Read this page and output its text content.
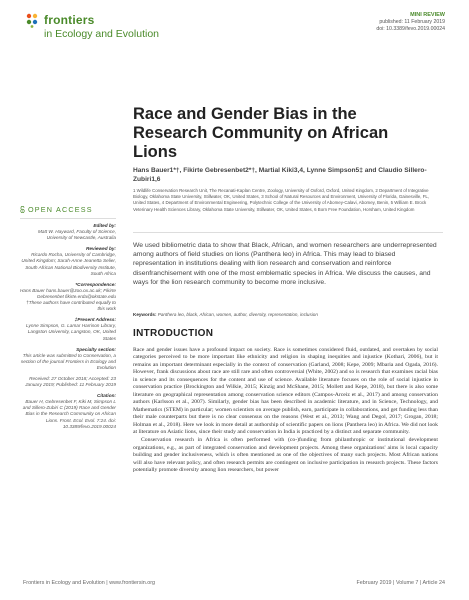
frontiers
in Ecology and Evolution
MINI REVIEW
published: 11 February 2019
doi: 10.3389/fevo.2019.00024
Race and Gender Bias in the Research Community on African Lions
Hans Bauer1*†, Fikirte Gebresenbet2*†, Martial Kiki3,4, Lynne Simpson5‡ and Claudio Sillero-Zubiri1,6
1 Wildlife Conservation Research Unit, The Recanati-Kaplan Centre, Zoology, University of Oxford, Oxford, United Kingdom, 2 Department of Integrative Biology, Oklahoma State University, Stillwater, OK, United States, 3 School of Natural Resources and Environment, University of Florida, Gainesville, FL, United States, 4 Department of Environmental Engineering, Polytechnic College of the University of Abomey-Calavi, Abomey, Benin, 5 William E. Brock Veterinary Health Sciences Library, Oklahoma State University, Stillwater, OK, United States, 6 Born Free Foundation, Horsham, United Kingdom

We used bibliometric data to show that Black, African, and women researchers are underrepresented among authors of field studies on lions (Panthera leo) in Africa. This may lead to biased representation in institutions dealing with lion research and conservation and reinforce disenfranchisement with one of the most emblematic species in Africa. We discuss the causes, and ways for the lion research community to become more inclusive.

Keywords: Panthera leo, black, African, women, author, diversity, representation, inclusion
INTRODUCTION

Race and gender issues have a profound impact on society. Race is sometimes considered fluid, outdated, and overtaken by social categories perceived to be more important like ethnicity and religion in shaping inequities and injustice (Kothari, 2006), but it remains an important determinant especially in the context of conservation (Garland, 2008; Kepe, 2009; Mbaria and Ogada, 2016). However, frank discussions about race are still rare and often controversial (White, 2002) and so is research that examines racial bias in science and its consequences for the content and use of science. Available literature focuses on the role of social injustice in conservation practice (Brockington and Wilkie, 2015; Kinzig and McShane, 2015; Mollett and Kepe, 2018), but there is also some literature on geographical representation among conservation science editors (Campos-Arceiz et al., 2017) and among conservation authors (Karlsson et al., 2007). Similarly, gender bias has been described in academic literature, and in Science, Technology, and Mathematics (STEM) in particular; women scientists on average publish, earn, participate in collaborations, and get funding less than their male counterparts but there is no clear consensus on the reasons (West et al., 2013; Wang and Degol, 2017; Grogan, 2018; Holman et al., 2018). Here we look in more detail at authorship of scientific papers on lions (Panthera leo) in Africa. We did not look at literature on Asiatic lions, since their study and conservation in India is practiced by a distinct and separate community.

Conservation research in Africa is often performed with (co-)funding from philanthropic or institutional development organizations, e.g., as part of integrated conservation and development projects. Among these organizations' aims is local capacity building and gender inclusiveness, which is often mentioned as one of the objectives of many such projects. Most African nations will also have relevant policy, and often research permits are contingent on inclusive participation in research projects. These factors potentially promote diversity among lion researchers, but power

OPEN ACCESS
Edited by:
Matt W. Hayward, Faculty of Science, University of Newcastle, Australia
Reviewed by:
Ricardo Rocha, University of Cambridge, United Kingdom; Sarah-Anne Jeanetta Selier, South African National Biodiversity Institute, South Africa
*Correspondence:
Hans Bauer hans.bauer@zoo.ox.ac.uk; Fikirte Gebresenbet fikirte.erda@okstate.edu
†These authors have contributed equally to this work
‡Present Address:
Lynne Simpson, G. Lamar Harrison Library, Langston University, Langston, OK, United States
Specialty section:
This article was submitted to Conservation, a section of the journal Frontiers in Ecology and Evolution
Received: 27 October 2018; Accepted: 23 January 2019; Published: 11 February 2019
Citation:
Bauer H, Gebresenbet F, Kiki M, Simpson L and Sillero-Zubiri C (2019) Race and Gender Bias in the Research Community on African Lions. Front. Ecol. Evol. 7:24. doi: 10.3389/fevo.2019.00024
Frontiers in Ecology and Evolution | www.frontiersin.org	February 2019 | Volume 7 | Article 24
